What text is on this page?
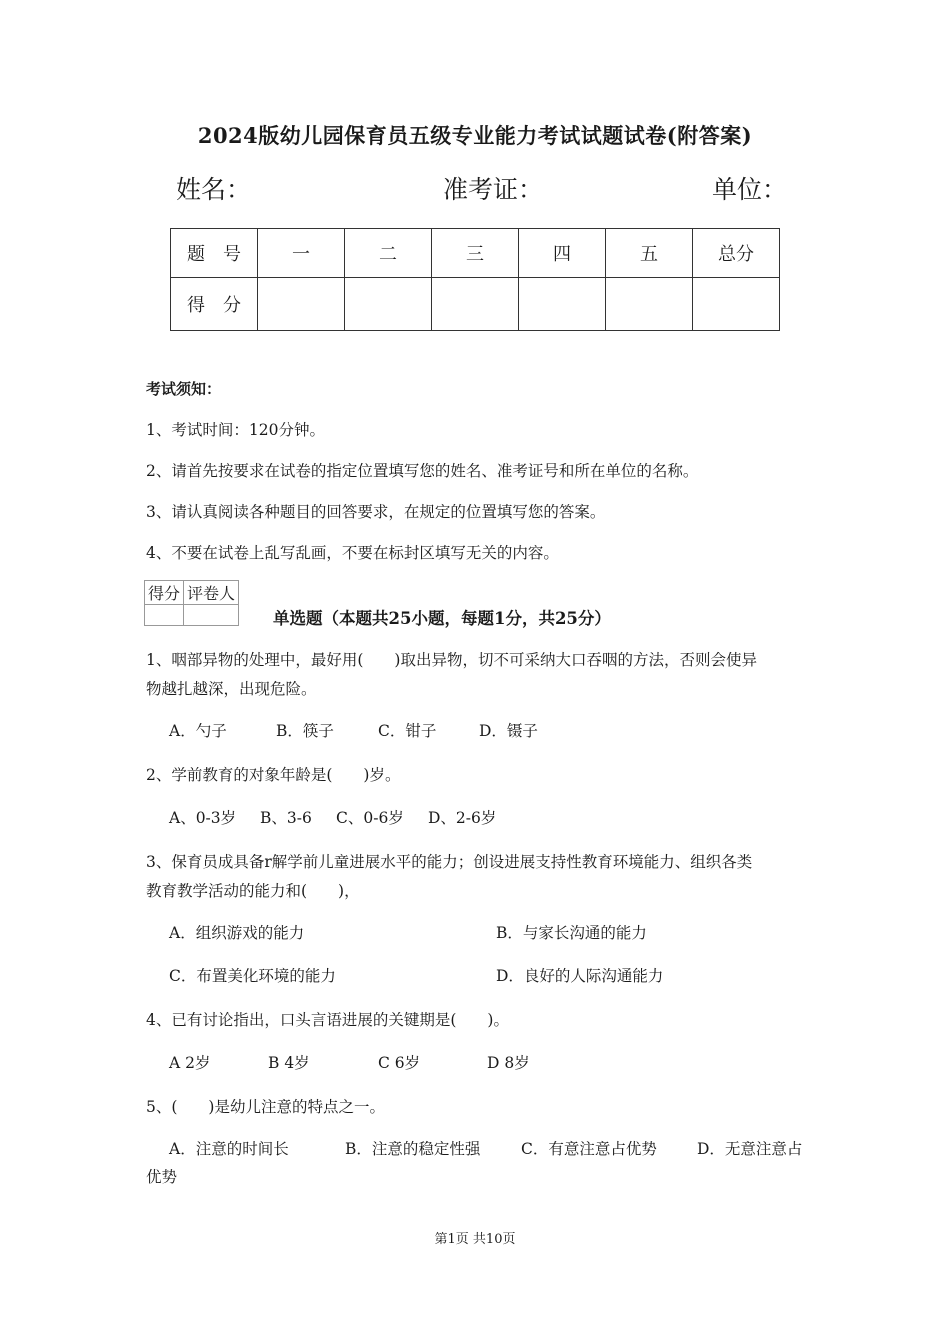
2024版幼儿园保育员五级专业能力考试试题试卷(附答案)
姓名：	准考证：	单位：
题　号	一	二	三	四	五	总分
得　分						
考试须知：
1、考试时间：120分钟。
2、请首先按要求在试卷的指定位置填写您的姓名、准考证号和所在单位的名称。
3、请认真阅读各种题目的回答要求，在规定的位置填写您的答案。
4、不要在试卷上乱写乱画，不要在标封区填写无关的内容。
得分	评卷人

单选题（本题共25小题，每题1分，共25分）
1、咽部异物的处理中，最好用(　　)取出异物，切不可采纳大口吞咽的方法，否则会使异
物越扎越深，出现危险。
A．勺子	B．筷子	C．钳子	D．镊子
2、学前教育的对象年龄是(　　)岁。
A、0-3岁 B、3-6 C、0-6岁 D、2-6岁
3、保育员成具备r解学前儿童进展水平的能力；创设进展支持性教育环境能力、组织各类
教育教学活动的能力和(　　)，
A．组织游戏的能力	B．与家长沟通的能力
C．布置美化环境的能力	D．良好的人际沟通能力
4、已有讨论指出，口头言语进展的关键期是(　　)。
A 2岁	B 4岁	C 6岁	D 8岁
5、(　　)是幼儿注意的特点之一。
A．注意的时间长	B．注意的稳定性强	C．有意注意占优势	D．无意注意占
优势
第1页 共10页
